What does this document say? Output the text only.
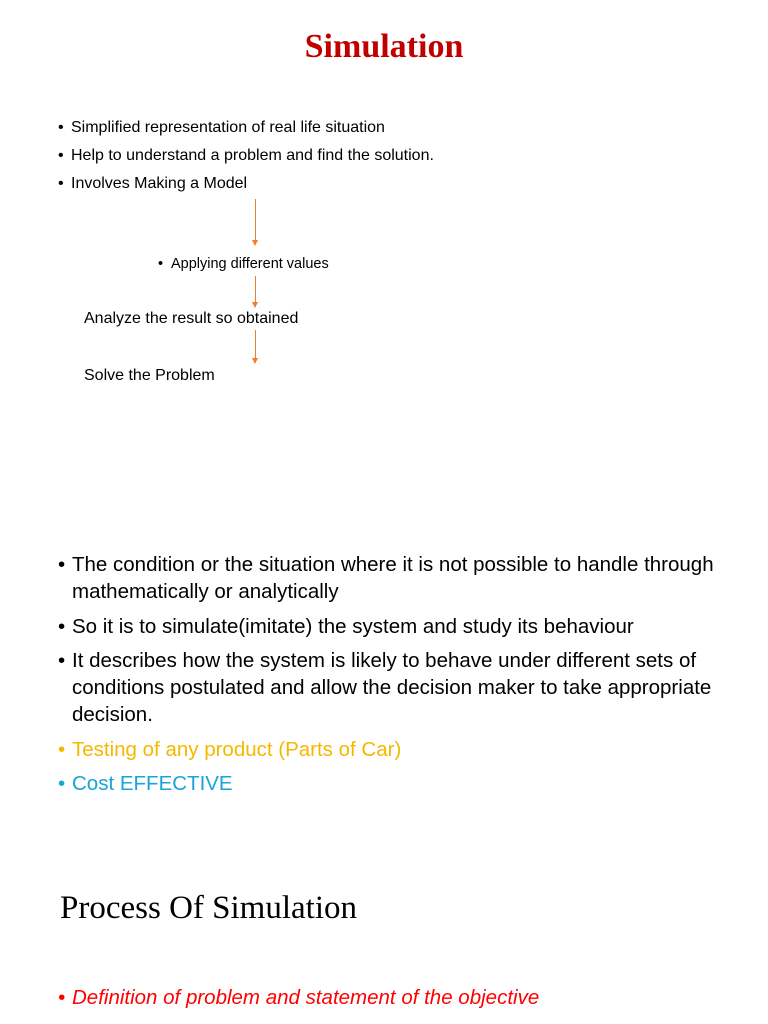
Simulation
• Simplified representation of real life situation
• Help to understand a problem and find the solution.
• Involves Making a Model
• Applying different values
Analyze the result so obtained
Solve the Problem
• The condition or the situation where it is not possible to handle through mathematically or analytically
• So it is to simulate(imitate) the system and study its behaviour
• It describes how the system is likely to behave under different sets of conditions postulated and allow the decision maker to take appropriate decision.
• Testing of any product (Parts of Car)
• Cost EFFECTIVE
Process Of Simulation
• Definition of problem and statement of the objective
